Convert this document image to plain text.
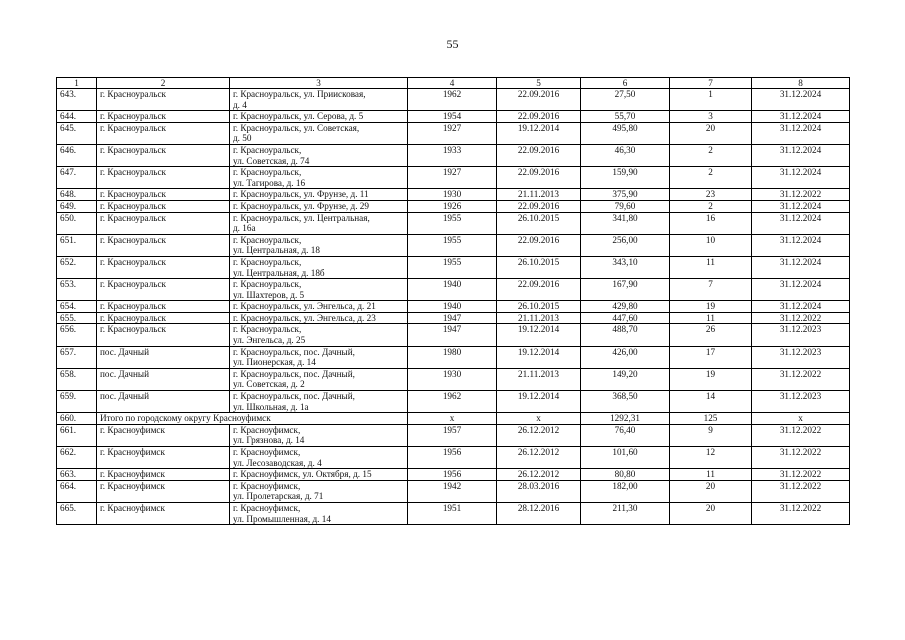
55
1	2	3	4	5	6	7	8
643.	г. Красноуральск	г. Красноуральск, ул. Приисковая,
д. 4	1962	22.09.2016	27,50	1	31.12.2024
644.	г. Красноуральск	г. Красноуральск, ул. Серова, д. 5	1954	22.09.2016	55,70	3	31.12.2024
645.	г. Красноуральск	г. Красноуральск, ул. Советская,
д. 50	1927	19.12.2014	495,80	20	31.12.2024
646.	г. Красноуральск	г. Красноуральск,
ул. Советская, д. 74	1933	22.09.2016	46,30	2	31.12.2024
647.	г. Красноуральск	г. Красноуральск,
ул. Тагирова, д. 16	1927	22.09.2016	159,90	2	31.12.2024
648.	г. Красноуральск	г. Красноуральск, ул. Фрунзе, д. 11	1930	21.11.2013	375,90	23	31.12.2022
649.	г. Красноуральск	г. Красноуральск, ул. Фрунзе, д. 29	1926	22.09.2016	79,60	2	31.12.2024
650.	г. Красноуральск	г. Красноуральск, ул. Центральная,
д. 16а	1955	26.10.2015	341,80	16	31.12.2024
651.	г. Красноуральск	г. Красноуральск,
ул. Центральная, д. 18	1955	22.09.2016	256,00	10	31.12.2024
652.	г. Красноуральск	г. Красноуральск,
ул. Центральная, д. 18б	1955	26.10.2015	343,10	11	31.12.2024
653.	г. Красноуральск	г. Красноуральск,
ул. Шахтеров, д. 5	1940	22.09.2016	167,90	7	31.12.2024
654.	г. Красноуральск	г. Красноуральск, ул. Энгельса, д. 21	1940	26.10.2015	429,80	19	31.12.2024
655.	г. Красноуральск	г. Красноуральск, ул. Энгельса, д. 23	1947	21.11.2013	447,60	11	31.12.2022
656.	г. Красноуральск	г. Красноуральск,
ул. Энгельса, д. 25	1947	19.12.2014	488,70	26	31.12.2023
657.	пос. Дачный	г. Красноуральск, пос. Дачный,
ул. Пионерская, д. 14	1980	19.12.2014	426,00	17	31.12.2023
658.	пос. Дачный	г. Красноуральск, пос. Дачный,
ул. Советская, д. 2	1930	21.11.2013	149,20	19	31.12.2022
659.	пос. Дачный	г. Красноуральск, пос. Дачный,
ул. Школьная, д. 1а	1962	19.12.2014	368,50	14	31.12.2023
660.	Итого по городскому округу Красноуфимск		x	x	1292,31	125	x
661.	г. Красноуфимск	г. Красноуфимск,
ул. Грязнова, д. 14	1957	26.12.2012	76,40	9	31.12.2022
662.	г. Красноуфимск	г. Красноуфимск,
ул. Лесозаводская, д. 4	1956	26.12.2012	101,60	12	31.12.2022
663.	г. Красноуфимск	г. Красноуфимск, ул. Октября, д. 15	1956	26.12.2012	80,80	11	31.12.2022
664.	г. Красноуфимск	г. Красноуфимск,
ул. Пролетарская, д. 71	1942	28.03.2016	182,00	20	31.12.2022
665.	г. Красноуфимск	г. Красноуфимск,
ул. Промышленная, д. 14	1951	28.12.2016	211,30	20	31.12.2022
